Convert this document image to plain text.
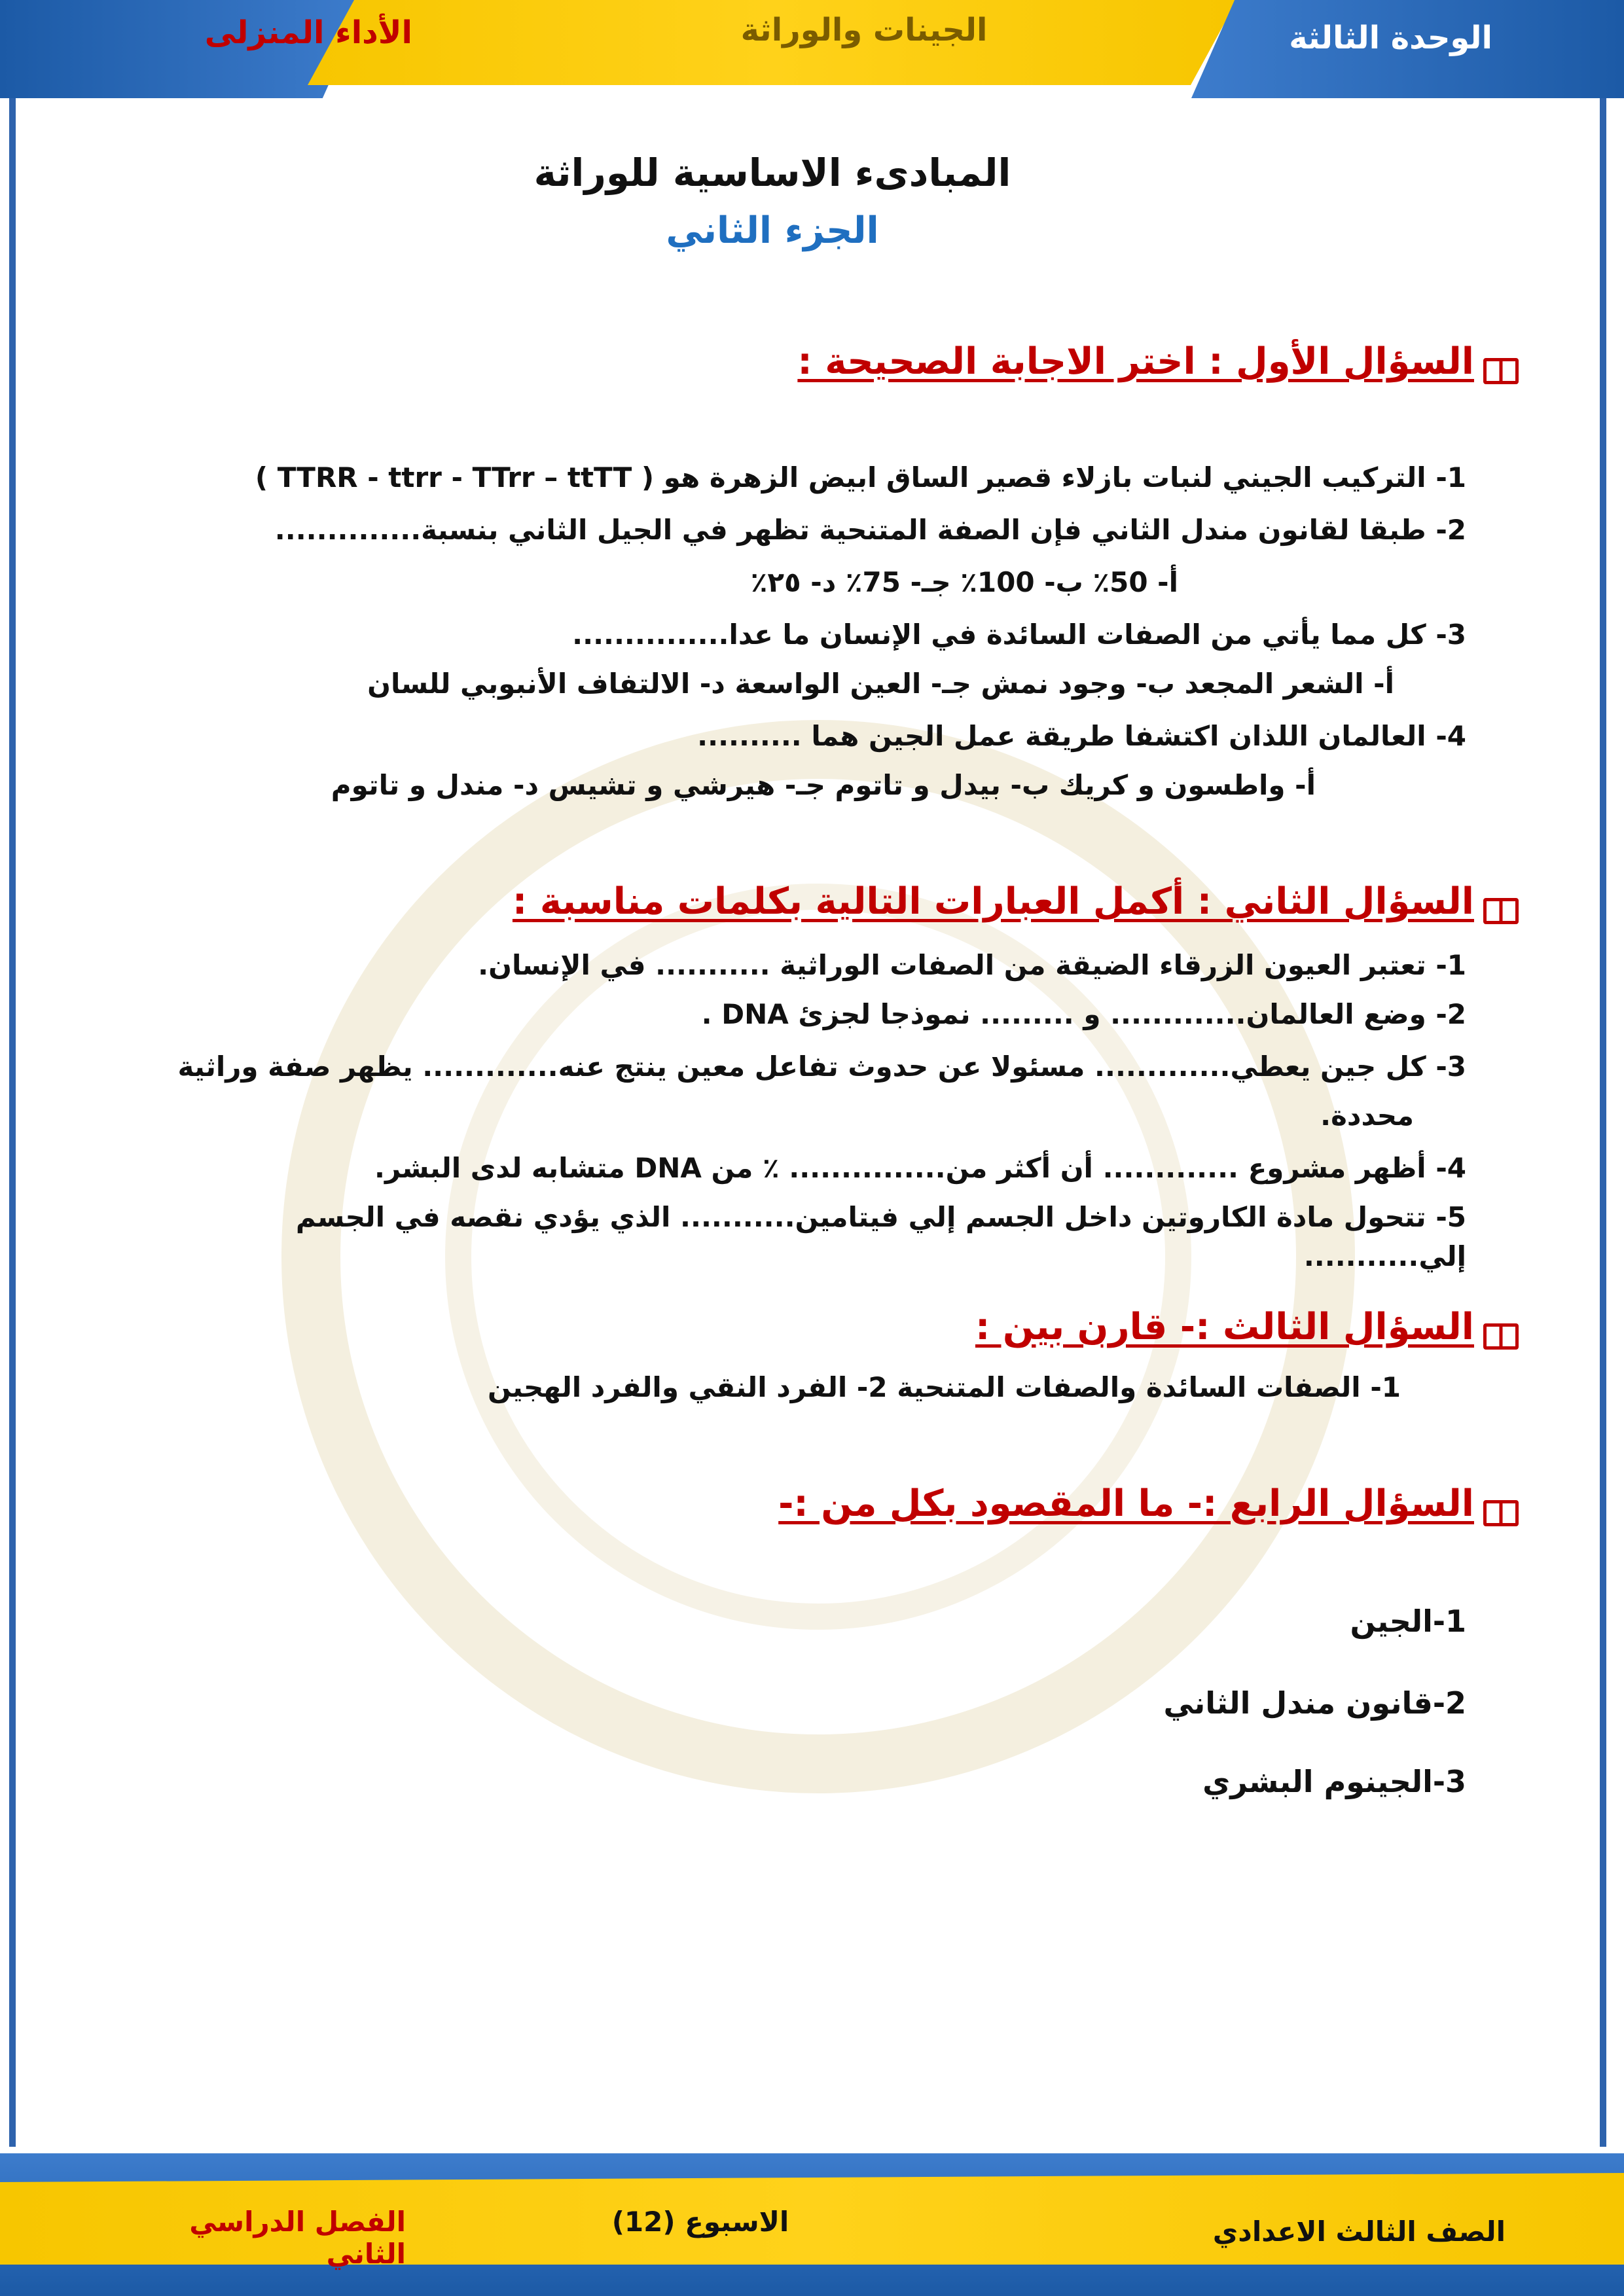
الأداء المنزلى	الجينات والوراثة	الوحدة الثالثة
المبادىء الاساسية للوراثة
الجزء الثاني
السؤال الأول : اختر الاجابة الصحيحة :
1- التركيب الجيني لنبات بازلاء قصير الساق ابيض الزهرة هو ( TTRR - ttrr - TTrr – ttTT )
2- طبقا لقانون مندل الثاني فإن الصفة المتنحية تظهر في الجيل الثاني بنسبة..............
أ- 50٪ ب- 100٪ جـ- 75٪ د- ٢٥٪
3- كل مما يأتي من الصفات السائدة في الإنسان ما عدا...............
أ- الشعر المجعد ب- وجود نمش جـ- العين الواسعة د- الالتفاف الأنبوبي للسان
4- العالمان اللذان اكتشفا طريقة عمل الجين هما ..........
أ- واطسون و كريك ب- بيدل و تاتوم جـ- هيرشي و تشيس د- مندل و تاتوم
السؤال الثاني : أكمل العبارات التالية بكلمات مناسبة :
1- تعتبر العيون الزرقاء الضيقة من الصفات الوراثية ........... في الإنسان.
2- وضع العالمان............. و ......... نموذجا لجزئ DNA .
3- كل جين يعطي............. مسئولا عن حدوث تفاعل معين ينتج عنه............. يظهر صفة وراثية
محددة.
4- أظهر مشروع ............. أن أكثر من............... ٪ من DNA متشابه لدى البشر.
5- تتحول مادة الكاروتين داخل الجسم إلي فيتامين........... الذي يؤدي نقصه في الجسم إلي...........
السؤال الثالث :- قارن بين :
1- الصفات السائدة والصفات المتنحية 2- الفرد النقي والفرد الهجين
السؤال الرابع :- ما المقصود بكل من :-
1-الجين
2-قانون مندل الثاني
3-الجينوم البشري
الصف الثالث الاعدادي
الاسبوع (12)
الفصل الدراسي الثاني
